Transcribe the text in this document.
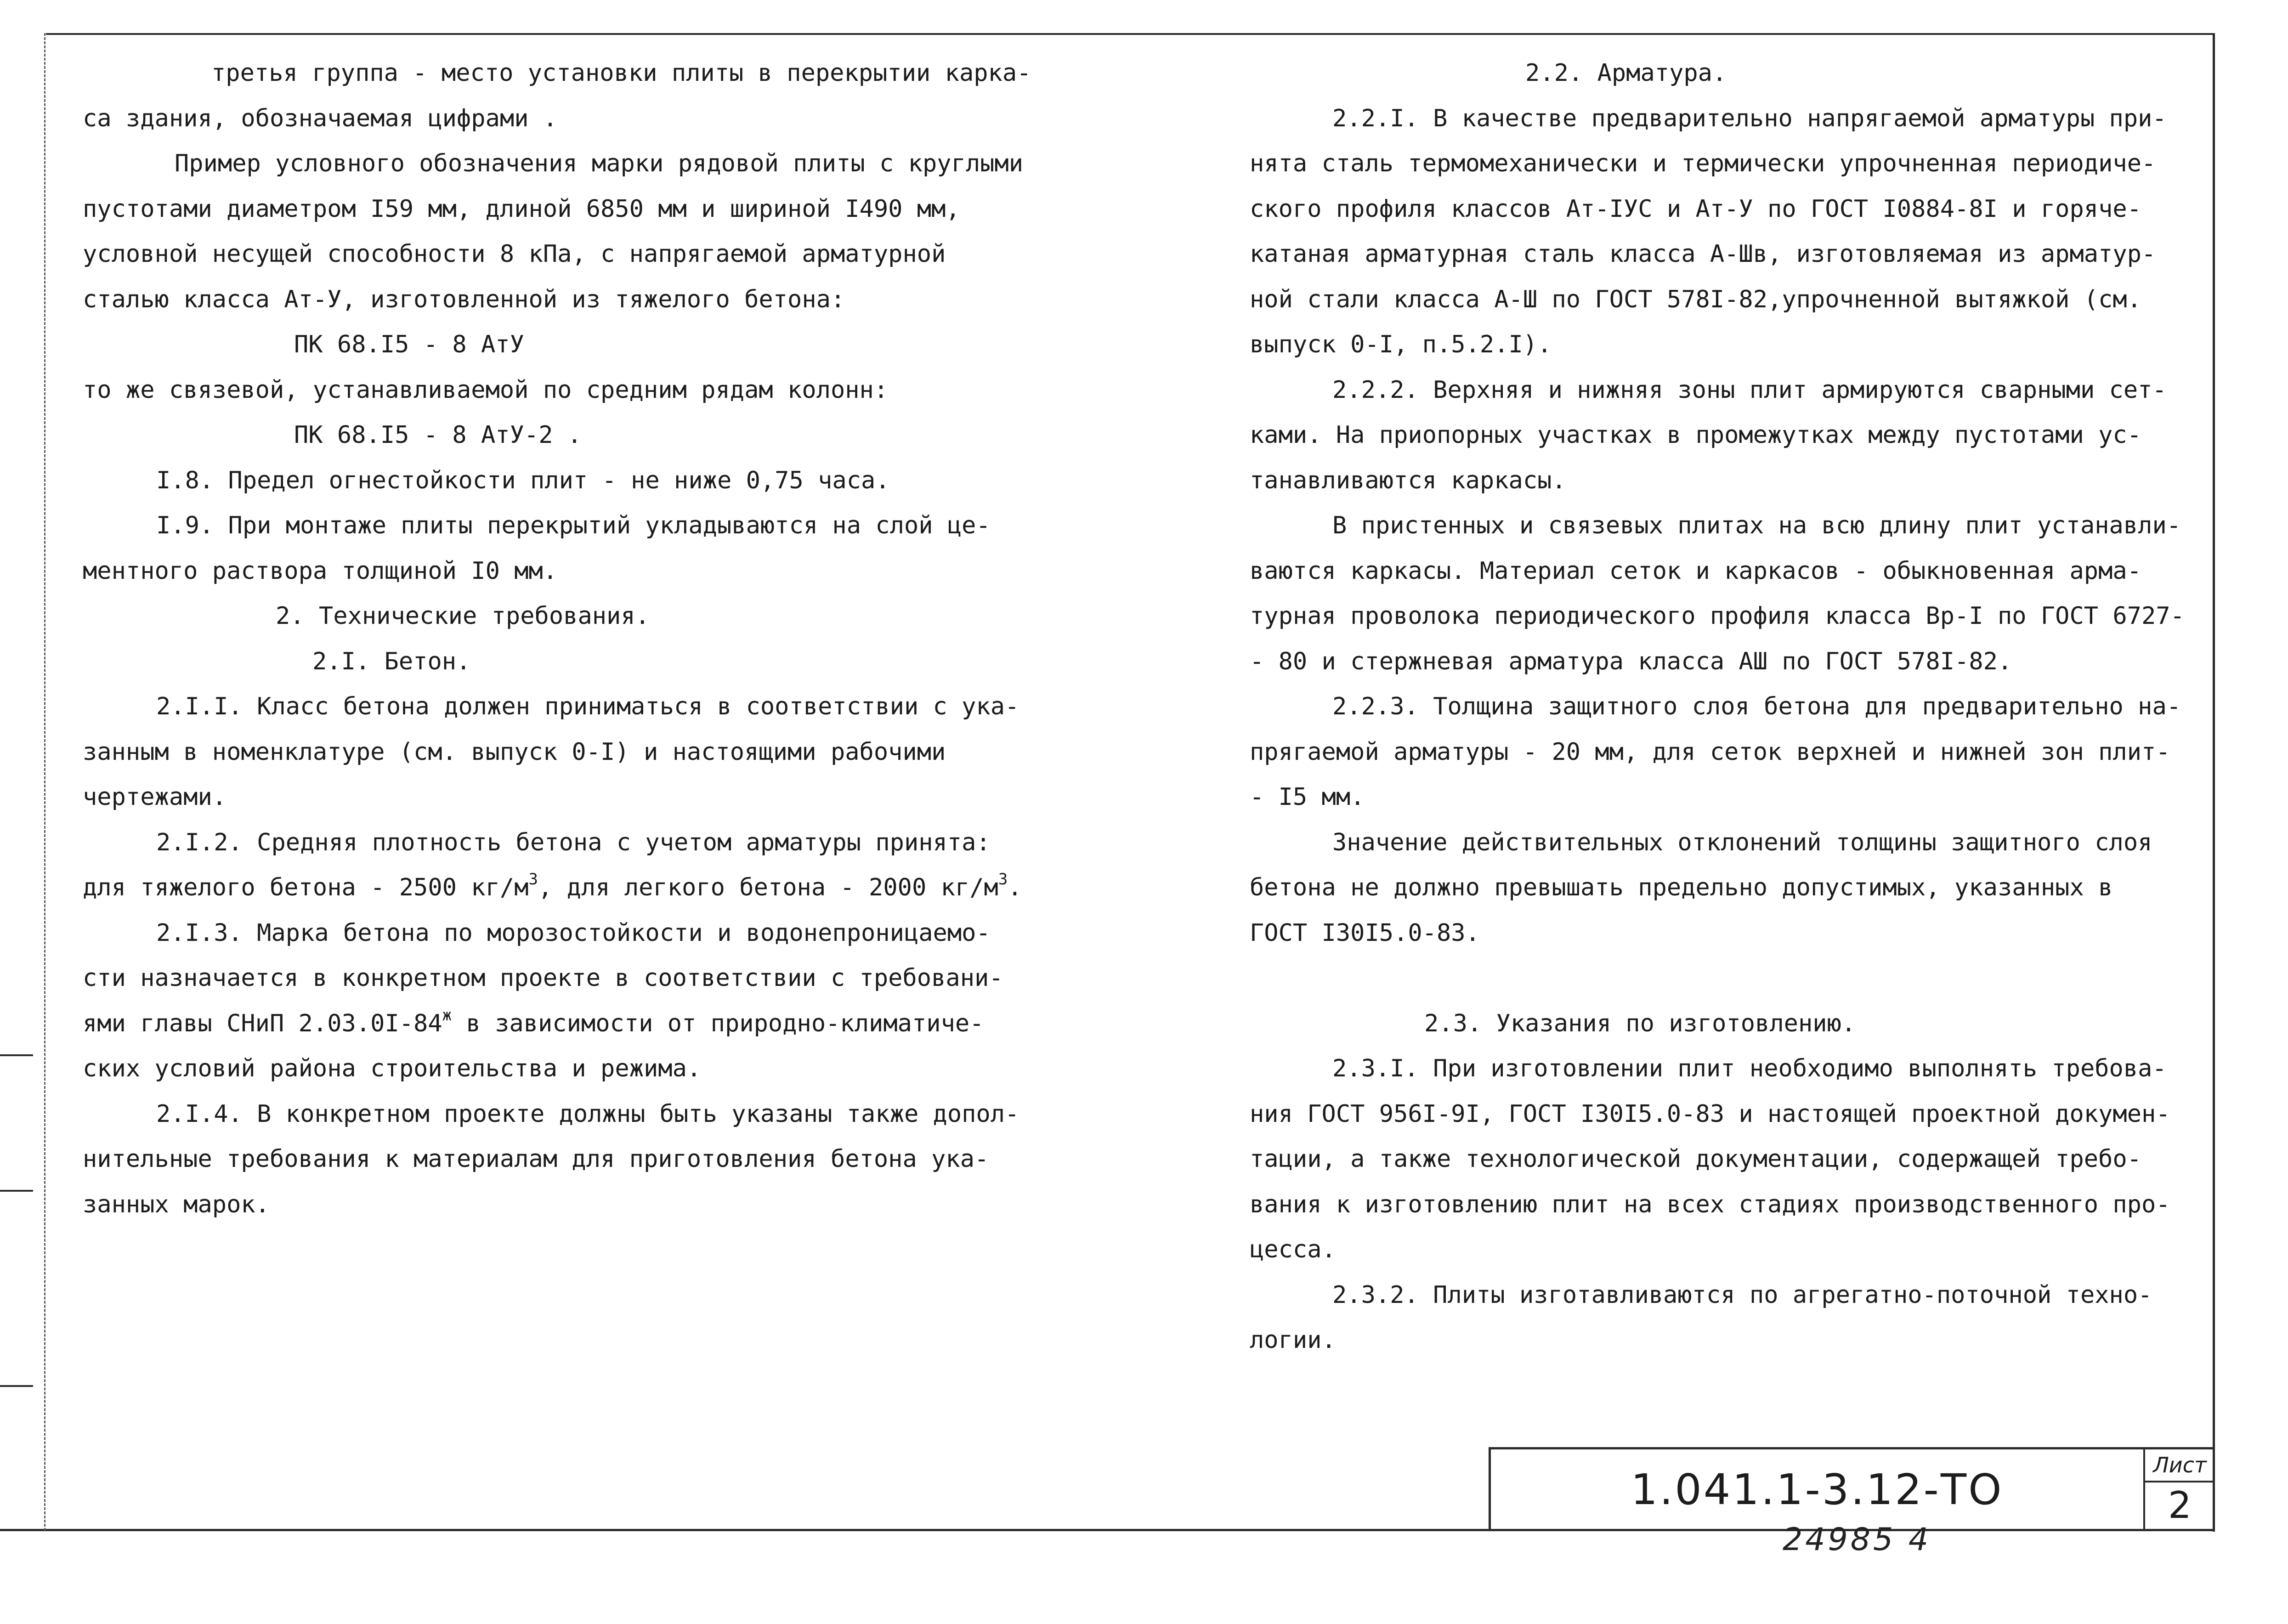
третья группа - место установки плиты в перекрытии карка-
са здания, обозначаемая цифрами .
Пример условного обозначения марки рядовой плиты с круглыми
пустотами диаметром I59 мм, длиной 6850 мм и шириной I490 мм,
условной несущей способности 8 кПа, с напрягаемой арматурной
сталью класса Ат-У, изготовленной из тяжелого бетона:
ПК 68.I5 - 8 АтУ
то же связевой, устанавливаемой по средним рядам колонн:
ПК 68.I5 - 8 АтУ-2 .
I.8. Предел огнестойкости плит - не ниже 0,75 часа.
I.9. При монтаже плиты перекрытий укладываются на слой це-
ментного раствора толщиной I0 мм.
2. Технические требования.
2.I. Бетон.
2.I.I. Класс бетона должен приниматься в соответствии с ука-
занным в номенклатуре (см. выпуск 0-I) и настоящими рабочими
чертежами.
2.I.2. Средняя плотность бетона с учетом арматуры принята:
для тяжелого бетона - 2500 $кг/м^3$, для легкого бетона - 2000 $кг/м^3$.
2.I.3. Марка бетона по морозостойкости и водонепроницаемо-
сти назначается в конкретном проекте в соответствии с требовани-
ями главы СНиП $2.03.0I-84^ж$ в зависимости от природно-климатиче-
ских условий района строительства и режима.
2.I.4. В конкретном проекте должны быть указаны также допол-
нительные требования к материалам для приготовления бетона ука-
занных марок.
2.2. Арматура.
2.2.I. В качестве предварительно напрягаемой арматуры при-
нята сталь термомеханически и термически упрочненная периодиче-
ского профиля классов Ат-IУС и Ат-У по ГОСТ I0884-8I и горяче-
катаная арматурная сталь класса А-Шв, изготовляемая из арматур-
ной стали класса А-Ш по ГОСТ 578I-82,упрочненной вытяжкой (см.
выпуск 0-I, п.5.2.I).
2.2.2. Верхняя и нижняя зоны плит армируются сварными сет-
ками. На приопорных участках в промежутках между пустотами ус-
танавливаются каркасы.
В пристенных и связевых плитах на всю длину плит устанавли-
ваются каркасы. Материал сеток и каркасов - обыкновенная арма-
турная проволока периодического профиля класса Вр-I по ГОСТ 6727-
- 80 и стержневая арматура класса АШ по ГОСТ 578I-82.
2.2.3. Толщина защитного слоя бетона для предварительно на-
прягаемой арматуры - 20 мм, для сеток верхней и нижней зон плит-
- I5 мм.
Значение действительных отклонений толщины защитного слоя
бетона не должно превышать предельно допустимых, указанных в
ГОСТ I30I5.0-83.
2.3. Указания по изготовлению.
2.3.I. При изготовлении плит необходимо выполнять требова-
ния ГОСТ 956I-9I, ГОСТ I30I5.0-83 и настоящей проектной докумен-
тации, а также технологической документации, содержащей требо-
вания к изготовлению плит на всех стадиях производственного про-
цесса.
2.3.2. Плиты изготавливаются по агрегатно-поточной техно-
логии.
1.041.1-3.12-ТО	Лист
2
24985 4
